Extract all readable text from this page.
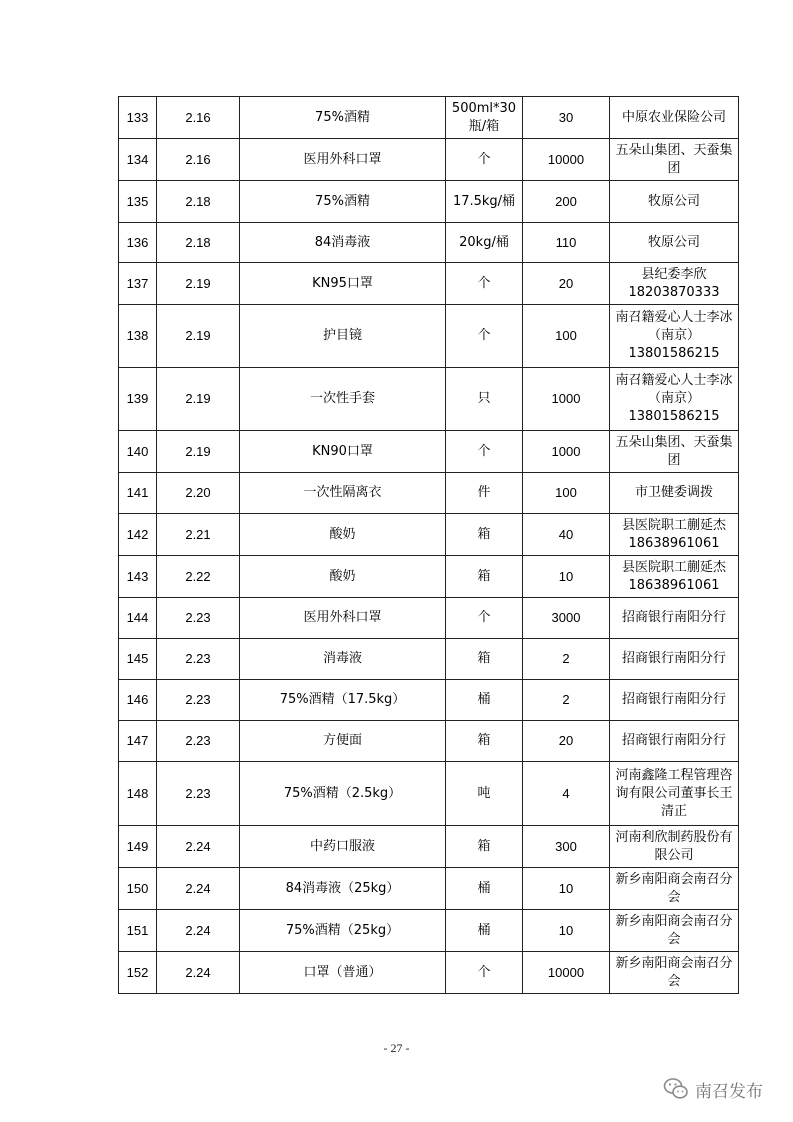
133	2.16	75%酒精	500ml*30瓶/箱	30	中原农业保险公司
134	2.16	医用外科口罩	个	10000	五朵山集团、天蚕集团
135	2.18	75%酒精	17.5kg/桶	200	牧原公司
136	2.18	84消毒液	20kg/桶	110	牧原公司
137	2.19	KN95口罩	个	20	县纪委李欣 18203870333
138	2.19	护目镜	个	100	南召籍爱心人士李冰（南京） 13801586215
139	2.19	一次性手套	只	1000	南召籍爱心人士李冰（南京） 13801586215
140	2.19	KN90口罩	个	1000	五朵山集团、天蚕集团
141	2.20	一次性隔离衣	件	100	市卫健委调拨
142	2.21	酸奶	箱	40	县医院职工蒯延杰 18638961061
143	2.22	酸奶	箱	10	县医院职工蒯延杰 18638961061
144	2.23	医用外科口罩	个	3000	招商银行南阳分行
145	2.23	消毒液	箱	2	招商银行南阳分行
146	2.23	75%酒精（17.5kg）	桶	2	招商银行南阳分行
147	2.23	方便面	箱	20	招商银行南阳分行
148	2.23	75%酒精（2.5kg）	吨	4	河南鑫隆工程管理咨询有限公司董事长王清正
149	2.24	中药口服液	箱	300	河南利欣制药股份有限公司
150	2.24	84消毒液（25kg）	桶	10	新乡南阳商会南召分会
151	2.24	75%酒精（25kg）	桶	10	新乡南阳商会南召分会
152	2.24	口罩（普通）	个	10000	新乡南阳商会南召分会
- 27 -
南召发布
